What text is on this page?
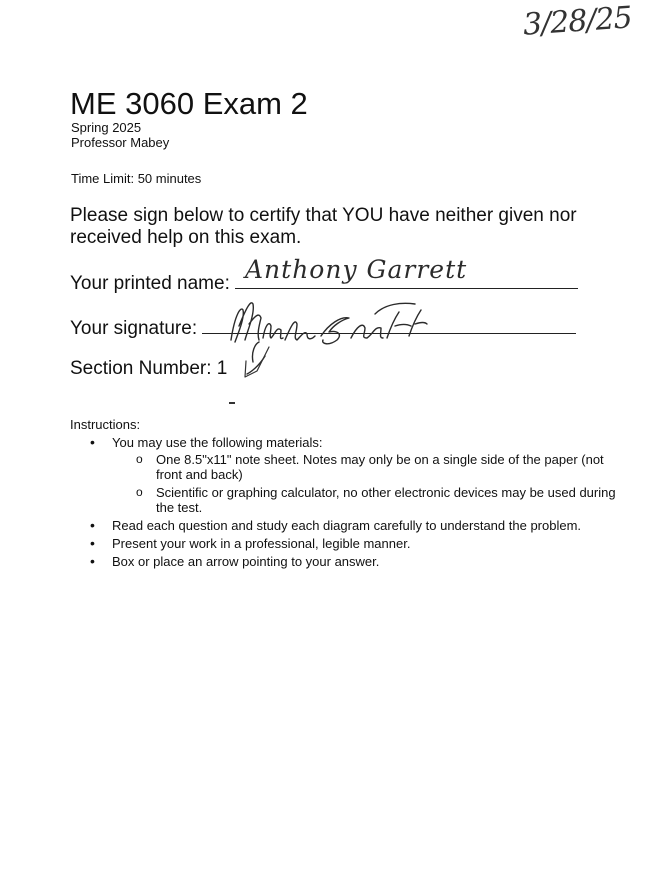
3/28/25
ME 3060 Exam 2
Spring 2025
Professor Mabey
Time Limit: 50 minutes
Please sign below to certify that YOU have neither given nor received help on this exam.
Your printed name: Anthony Garrett
Your signature:
Section Number: 1
Instructions:
• You may use the following materials:
o One 8.5"x11" note sheet. Notes may only be on a single side of the paper (not front and back)
o Scientific or graphing calculator, no other electronic devices may be used during the test.
• Read each question and study each diagram carefully to understand the problem.
• Present your work in a professional, legible manner.
• Box or place an arrow pointing to your answer.
